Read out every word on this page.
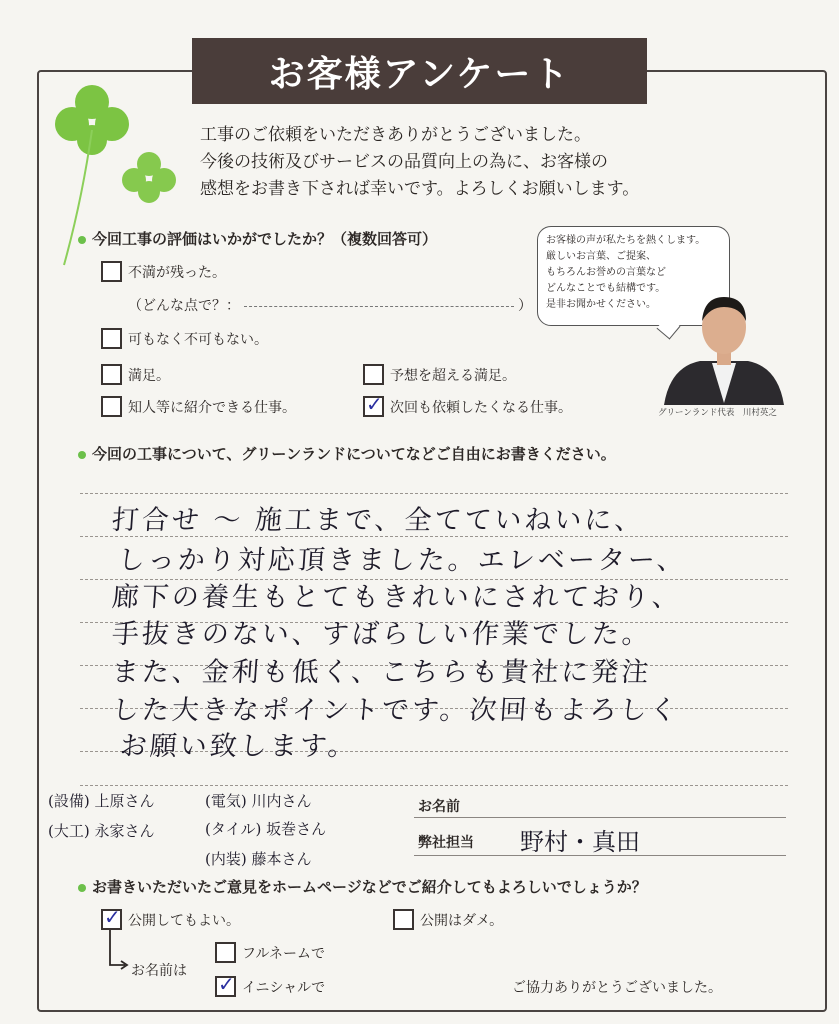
お客様アンケート
工事のご依頼をいただきありがとうございました。
今後の技術及びサービスの品質向上の為に、お客様の
感想をお書き下されば幸いです。よろしくお願いします。
今回工事の評価はいかがでしたか？（複数回答可）
不満が残った。
（どんな点で？：	）
可もなく不可もない。
満足。	予想を超える満足。
知人等に紹介できる仕事。
✓	次回も依頼したくなる仕事。
お客様の声が私たちを熱くします。
厳しいお言葉、ご提案、
もちろんお誉めの言葉など
どんなことでも結構です。
是非お聞かせください。
グリーンランド代表　川村英之
今回の工事について、グリーンランドについてなどご自由にお書きください。
打合せ ～ 施工まで、全てていねいに、
しっかり対応頂きました。エレベーター、
廊下の養生もとてもきれいにされており、
手抜きのない、すばらしい作業でした。
また、金利も低く、こちらも貴社に発注
した大きなポイントです。次回もよろしく
お願い致します。
(設備) 上原さん	(電気) 川内さん
(大工) 永家さん	(タイル) 坂巻さん
(内装) 藤本さん
お名前
弊社担当 野村・真田
お書きいただいたご意見をホームページなどでご紹介してもよろしいでしょうか？
✓
公開してもよい。	公開はダメ。
お名前は
フルネームで
✓
イニシャルで	ご協力ありがとうございました。
